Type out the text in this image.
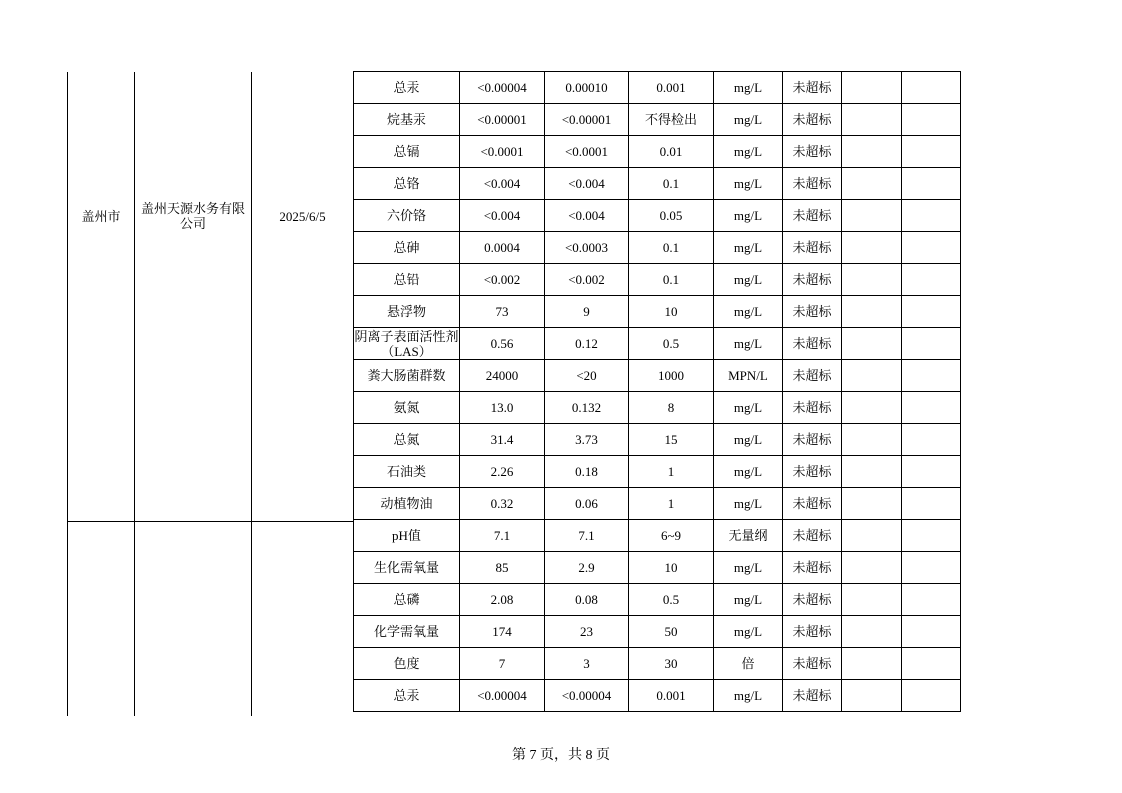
盖州市	盖州天源水务有限公司	2025/6/5
总汞	<0.00004	0.00010	0.001	mg/L	未超标		
烷基汞	<0.00001	<0.00001	不得检出	mg/L	未超标		
总镉	<0.0001	<0.0001	0.01	mg/L	未超标		
总铬	<0.004	<0.004	0.1	mg/L	未超标		
六价铬	<0.004	<0.004	0.05	mg/L	未超标		
总砷	0.0004	<0.0003	0.1	mg/L	未超标		
总铅	<0.002	<0.002	0.1	mg/L	未超标		
悬浮物	73	9	10	mg/L	未超标		
阴离子表面活性剂（LAS）	0.56	0.12	0.5	mg/L	未超标		
粪大肠菌群数	24000	<20	1000	MPN/L	未超标		
氨氮	13.0	0.132	8	mg/L	未超标		
总氮	31.4	3.73	15	mg/L	未超标		
石油类	2.26	0.18	1	mg/L	未超标		
动植物油	0.32	0.06	1	mg/L	未超标		
pH值	7.1	7.1	6~9	无量纲	未超标		
生化需氧量	85	2.9	10	mg/L	未超标		
总磷	2.08	0.08	0.5	mg/L	未超标		
化学需氧量	174	23	50	mg/L	未超标		
色度	7	3	30	倍	未超标		
总汞	<0.00004	<0.00004	0.001	mg/L	未超标		
第 7 页，共 8 页
